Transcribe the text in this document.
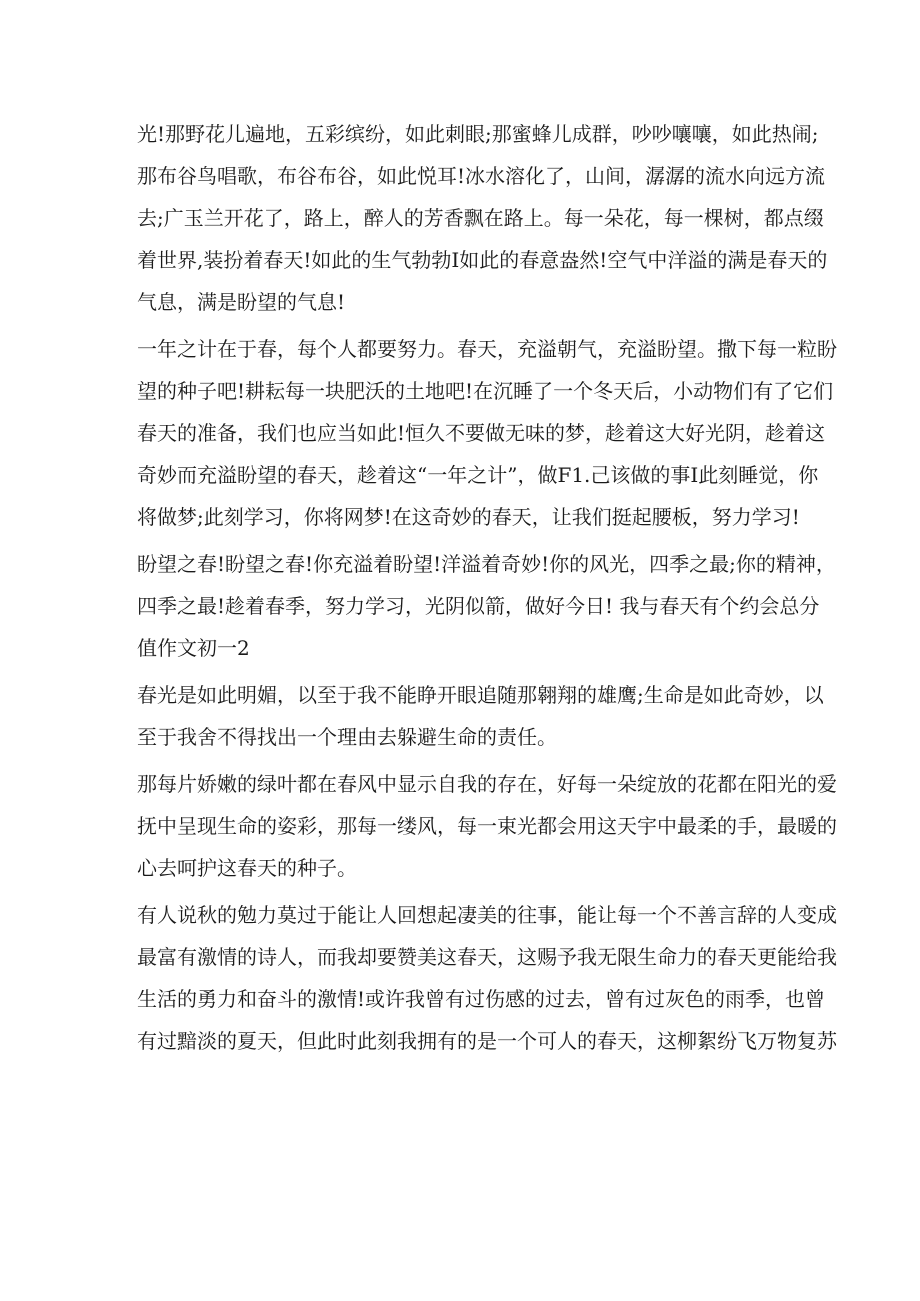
光!那野花儿遍地，五彩缤纷，如此刺眼;那蜜蜂儿成群，吵吵嚷嚷，如此热闹;
那布谷鸟唱歌，布谷布谷，如此悦耳!冰水溶化了，山间，潺潺的流水向远方流
去;广玉兰开花了，路上，醉人的芳香飘在路上。每一朵花，每一棵树，都点缀
着世界,装扮着春天!如此的生气勃勃I如此的春意盎然!空气中洋溢的满是春天的
气息，满是盼望的气息!
一年之计在于春，每个人都要努力。春天，充溢朝气，充溢盼望。撒下每一粒盼
望的种子吧!耕耘每一块肥沃的土地吧!在沉睡了一个冬天后，小动物们有了它们
春天的准备，我们也应当如此!恒久不要做无味的梦，趁着这大好光阴，趁着这
奇妙而充溢盼望的春天，趁着这“一年之计”，做F1.己该做的事I此刻睡觉，你
将做梦;此刻学习，你将网梦!在这奇妙的春天，让我们挺起腰板，努力学习!
盼望之春!盼望之春!你充溢着盼望!洋溢着奇妙!你的风光，四季之最;你的精神，
四季之最!趁着春季，努力学习，光阴似箭，做好今日! 我与春天有个约会总分
值作文初一2
春光是如此明媚，以至于我不能睁开眼追随那翱翔的雄鹰;生命是如此奇妙，以
至于我舍不得找出一个理由去躲避生命的责任。
那每片娇嫩的绿叶都在春风中显示自我的存在，好每一朵绽放的花都在阳光的爱
抚中呈现生命的姿彩，那每一缕风，每一束光都会用这天宇中最柔的手，最暖的
心去呵护这春天的种子。
有人说秋的勉力莫过于能让人回想起凄美的往事，能让每一个不善言辞的人变成
最富有激情的诗人，而我却要赞美这春天，这赐予我无限生命力的春天更能给我
生活的勇力和奋斗的激情!或许我曾有过伤感的过去，曾有过灰色的雨季，也曾
有过黯淡的夏天，但此时此刻我拥有的是一个可人的春天，这柳絮纷飞万物复苏
